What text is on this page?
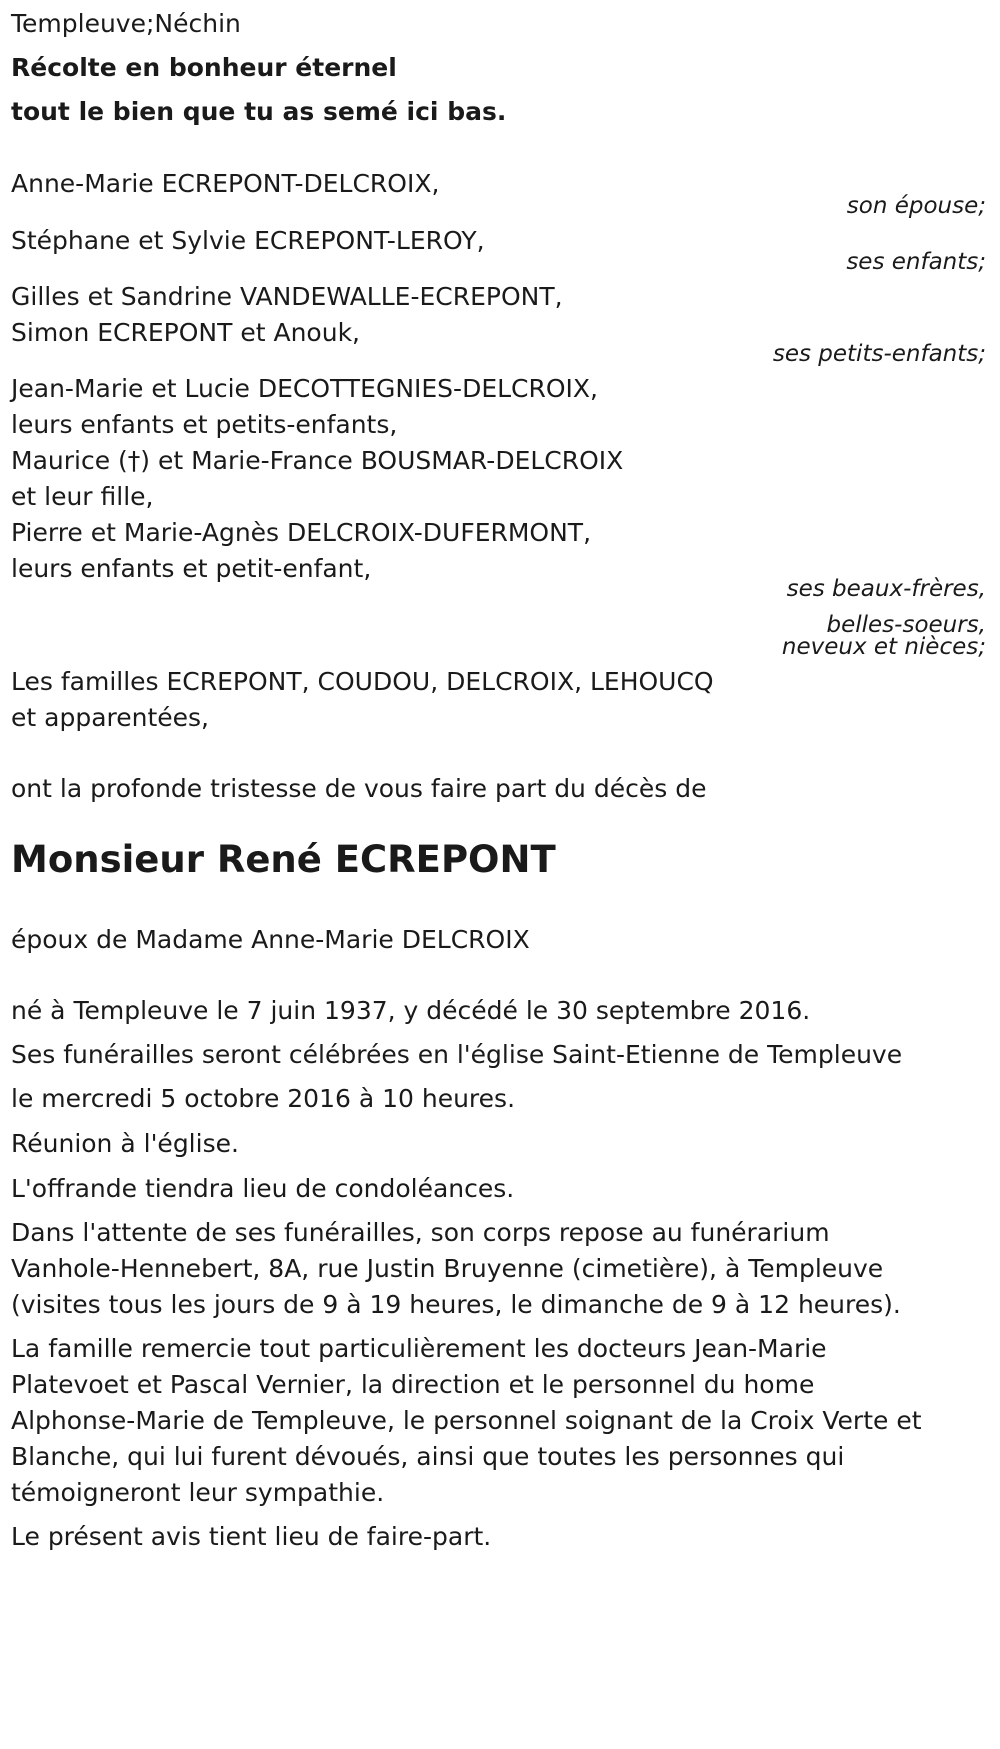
Templeuve;Néchin
Récolte en bonheur éternel
tout le bien que tu as semé ici bas.
Anne-Marie ECREPONT-DELCROIX,
son épouse;
Stéphane et Sylvie ECREPONT-LEROY,
ses enfants;
Gilles et Sandrine VANDEWALLE-ECREPONT,
Simon ECREPONT et Anouk,
ses petits-enfants;
Jean-Marie et Lucie DECOTTEGNIES-DELCROIX,
leurs enfants et petits-enfants,
Maurice (†) et Marie-France BOUSMAR-DELCROIX
et leur fille,
Pierre et Marie-Agnès DELCROIX-DUFERMONT,
leurs enfants et petit-enfant,
ses beaux-frères,
belles-soeurs,
neveux et nièces;
Les familles ECREPONT, COUDOU, DELCROIX, LEHOUCQ
et apparentées,
ont la profonde tristesse de vous faire part du décès de
Monsieur René ECREPONT
époux de Madame Anne-Marie DELCROIX
né à Templeuve le 7 juin 1937, y décédé le 30 septembre 2016.
Ses funérailles seront célébrées en l'église Saint-Etienne de Templeuve
le mercredi 5 octobre 2016 à 10 heures.
Réunion à l'église.
L'offrande tiendra lieu de condoléances.
Dans l'attente de ses funérailles, son corps repose au funérarium
Vanhole-Hennebert, 8A, rue Justin Bruyenne (cimetière), à Templeuve
(visites tous les jours de 9 à 19 heures, le dimanche de 9 à 12 heures).
La famille remercie tout particulièrement les docteurs Jean-Marie
Platevoet et Pascal Vernier, la direction et le personnel du home
Alphonse-Marie de Templeuve, le personnel soignant de la Croix Verte et
Blanche, qui lui furent dévoués, ainsi que toutes les personnes qui
témoigneront leur sympathie.
Le présent avis tient lieu de faire-part.
